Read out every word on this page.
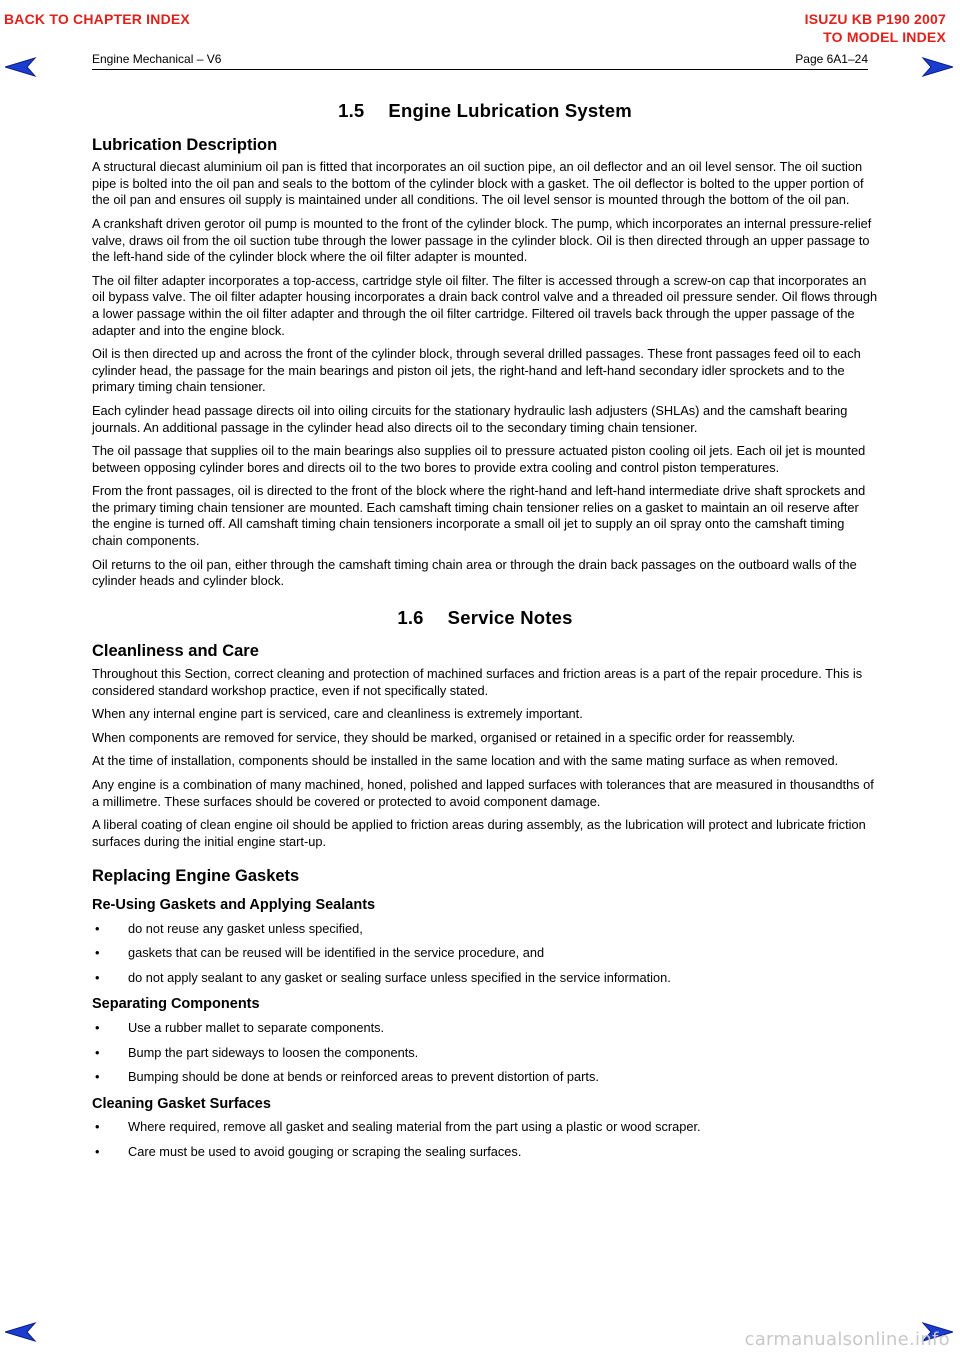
BACK TO CHAPTER INDEX	ISUZU KB P190 2007
TO MODEL INDEX
Engine Mechanical – V6	Page 6A1–24
1.5 Engine Lubrication System
Lubrication Description

A structural diecast aluminium oil pan is fitted that incorporates an oil suction pipe, an oil deflector and an oil level sensor. The oil suction pipe is bolted into the oil pan and seals to the bottom of the cylinder block with a gasket. The oil deflector is bolted to the upper portion of the oil pan and ensures oil supply is maintained under all conditions. The oil level sensor is mounted through the bottom of the oil pan.

A crankshaft driven gerotor oil pump is mounted to the front of the cylinder block. The pump, which incorporates an internal pressure-relief valve, draws oil from the oil suction tube through the lower passage in the cylinder block. Oil is then directed through an upper passage to the left-hand side of the cylinder block where the oil filter adapter is mounted.

The oil filter adapter incorporates a top-access, cartridge style oil filter. The filter is accessed through a screw-on cap that incorporates an oil bypass valve. The oil filter adapter housing incorporates a drain back control valve and a threaded oil pressure sender. Oil flows through a lower passage within the oil filter adapter and through the oil filter cartridge. Filtered oil travels back through the upper passage of the adapter and into the engine block.

Oil is then directed up and across the front of the cylinder block, through several drilled passages. These front passages feed oil to each cylinder head, the passage for the main bearings and piston oil jets, the right-hand and left-hand secondary idler sprockets and to the primary timing chain tensioner.

Each cylinder head passage directs oil into oiling circuits for the stationary hydraulic lash adjusters (SHLAs) and the camshaft bearing journals. An additional passage in the cylinder head also directs oil to the secondary timing chain tensioner.

The oil passage that supplies oil to the main bearings also supplies oil to pressure actuated piston cooling oil jets. Each oil jet is mounted between opposing cylinder bores and directs oil to the two bores to provide extra cooling and control piston temperatures.

From the front passages, oil is directed to the front of the block where the right-hand and left-hand intermediate drive shaft sprockets and the primary timing chain tensioner are mounted. Each camshaft timing chain tensioner relies on a gasket to maintain an oil reserve after the engine is turned off. All camshaft timing chain tensioners incorporate a small oil jet to supply an oil spray onto the camshaft timing chain components.

Oil returns to the oil pan, either through the camshaft timing chain area or through the drain back passages on the outboard walls of the cylinder heads and cylinder block.

1.6 Service Notes
Cleanliness and Care

Throughout this Section, correct cleaning and protection of machined surfaces and friction areas is a part of the repair procedure. This is considered standard workshop practice, even if not specifically stated.

When any internal engine part is serviced, care and cleanliness is extremely important.

When components are removed for service, they should be marked, organised or retained in a specific order for reassembly.

At the time of installation, components should be installed in the same location and with the same mating surface as when removed.

Any engine is a combination of many machined, honed, polished and lapped surfaces with tolerances that are measured in thousandths of a millimetre. These surfaces should be covered or protected to avoid component damage.

A liberal coating of clean engine oil should be applied to friction areas during assembly, as the lubrication will protect and lubricate friction surfaces during the initial engine start-up.

Replacing Engine Gaskets
Re-Using Gaskets and Applying Sealants
• do not reuse any gasket unless specified,
• gaskets that can be reused will be identified in the service procedure, and
• do not apply sealant to any gasket or sealing surface unless specified in the service information.
Separating Components
• Use a rubber mallet to separate components.
• Bump the part sideways to loosen the components.
• Bumping should be done at bends or reinforced areas to prevent distortion of parts.
Cleaning Gasket Surfaces
• Where required, remove all gasket and sealing material from the part using a plastic or wood scraper.
• Care must be used to avoid gouging or scraping the sealing surfaces.
carmanualsonline.info
